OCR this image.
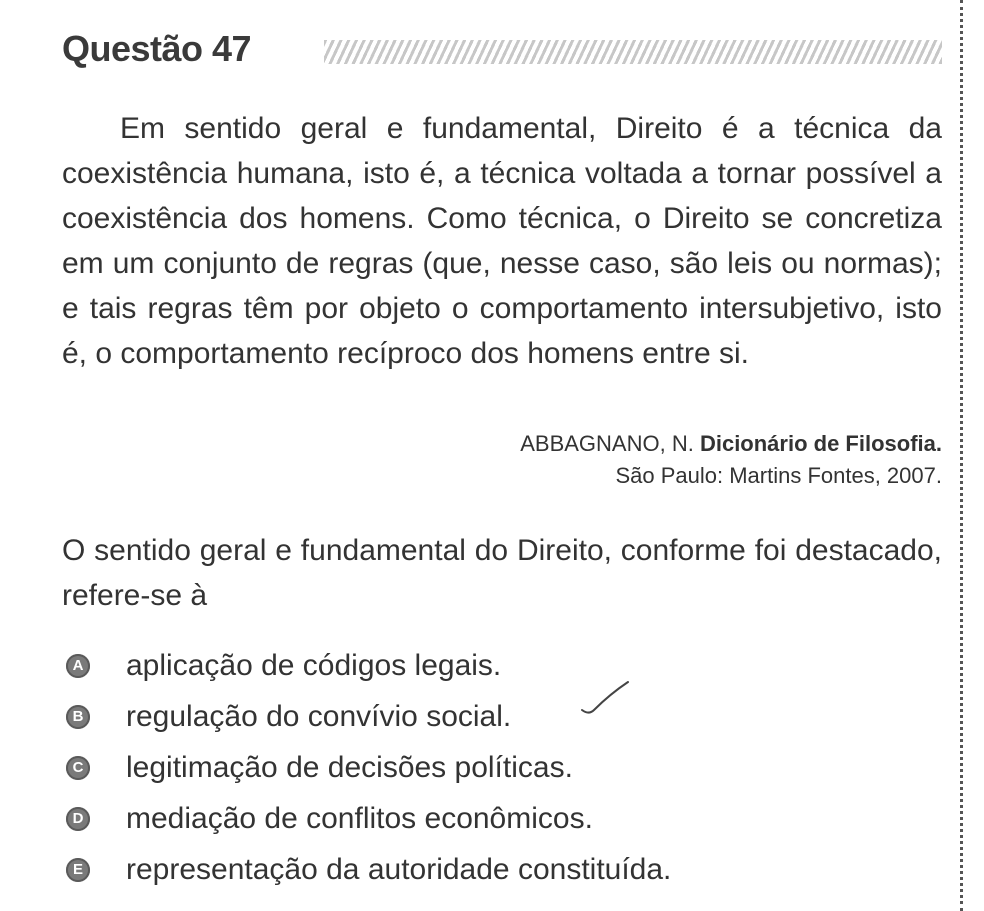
Questão 47
Em sentido geral e fundamental, Direito é a técnica da coexistência humana, isto é, a técnica voltada a tornar possível a coexistência dos homens. Como técnica, o Direito se concretiza em um conjunto de regras (que, nesse caso, são leis ou normas); e tais regras têm por objeto o comportamento intersubjetivo, isto é, o comportamento recíproco dos homens entre si.
ABBAGNANO, N. Dicionário de Filosofia.
São Paulo: Martins Fontes, 2007.
O sentido geral e fundamental do Direito, conforme foi destacado, refere-se à
A aplicação de códigos legais.
B regulação do convívio social.
C legitimação de decisões políticas.
D mediação de conflitos econômicos.
E representação da autoridade constituída.
